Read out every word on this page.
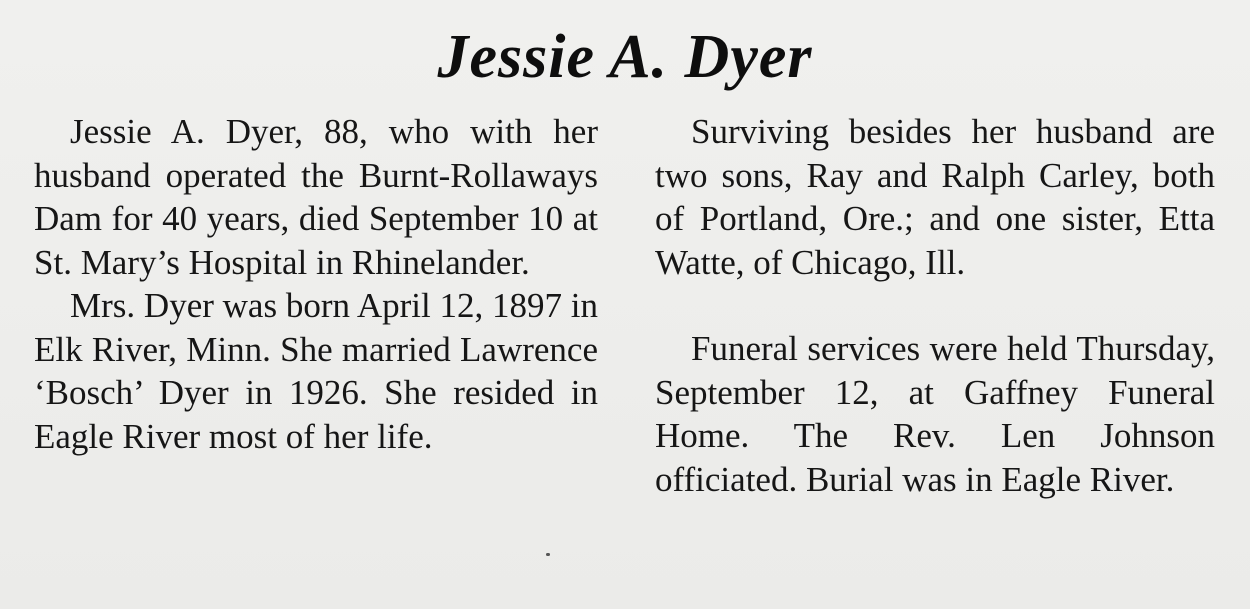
Jessie A. Dyer

Jessie A. Dyer, 88, who with her husband operated the Burnt-Rollaways Dam for 40 years, died September 10 at St. Mary’s Hospital in Rhinelander.

Mrs. Dyer was born April 12, 1897 in Elk River, Minn. She married Lawrence ‘Bosch’ Dyer in 1926. She resided in Eagle River most of her life.

Surviving besides her husband are two sons, Ray and Ralph Carley, both of Portland, Ore.; and one sister, Etta Watte, of Chicago, Ill.

Funeral services were held Thursday, September 12, at Gaffney Funeral Home. The Rev. Len Johnson officiated. Burial was in Eagle River.
